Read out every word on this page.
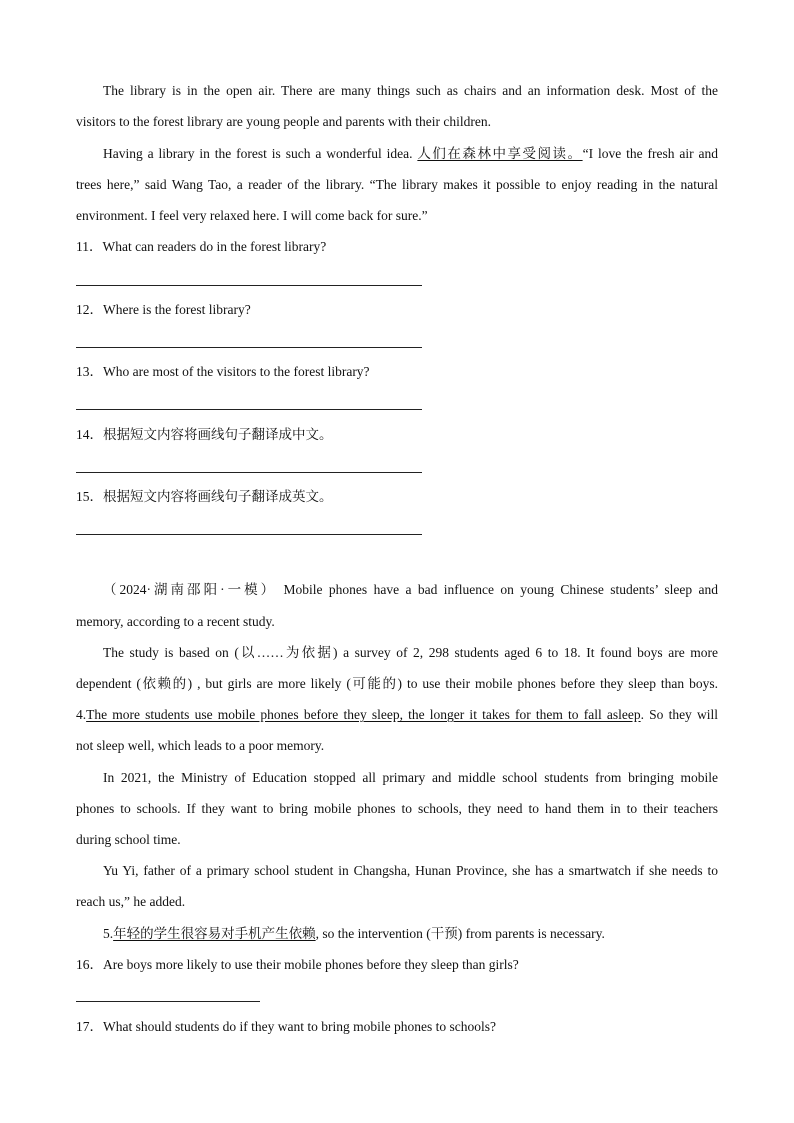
The library is in the open air. There are many things such as chairs and an information desk. Most of the
visitors to the forest library are young people and parents with their children.
Having a library in the forest is such a wonderful idea. 人们在森林中享受阅读。“I love the fresh air and
trees here,” said Wang Tao, a reader of the library. “The library makes it possible to enjoy reading in the natural
environment. I feel very relaxed here. I will come back for sure.”
11．What can readers do in the forest library?
12．Where is the forest library?
13．Who are most of the visitors to the forest library?
14．根据短文内容将画线句子翻译成中文。
15．根据短文内容将画线句子翻译成英文。
（2024·湖南邵阳·一模） Mobile phones have a bad influence on young Chinese students’ sleep and
memory, according to a recent study.
The study is based on (以……为依据) a survey of 2, 298 students aged 6 to 18. It found boys are more
dependent (依赖的) , but girls are more likely (可能的) to use their mobile phones before they sleep than boys.
4.The more students use mobile phones before they sleep, the longer it takes for them to fall asleep. So they will
not sleep well, which leads to a poor memory.
In 2021, the Ministry of Education stopped all primary and middle school students from bringing mobile
phones to schools. If they want to bring mobile phones to schools, they need to hand them in to their teachers
during school time.
Yu Yi, father of a primary school student in Changsha, Hunan Province, she has a smartwatch if she needs to
reach us,” he added.
5.年轻的学生很容易对手机产生依赖, so the intervention (干预) from parents is necessary.
16．Are boys more likely to use their mobile phones before they sleep than girls?
17．What should students do if they want to bring mobile phones to schools?
